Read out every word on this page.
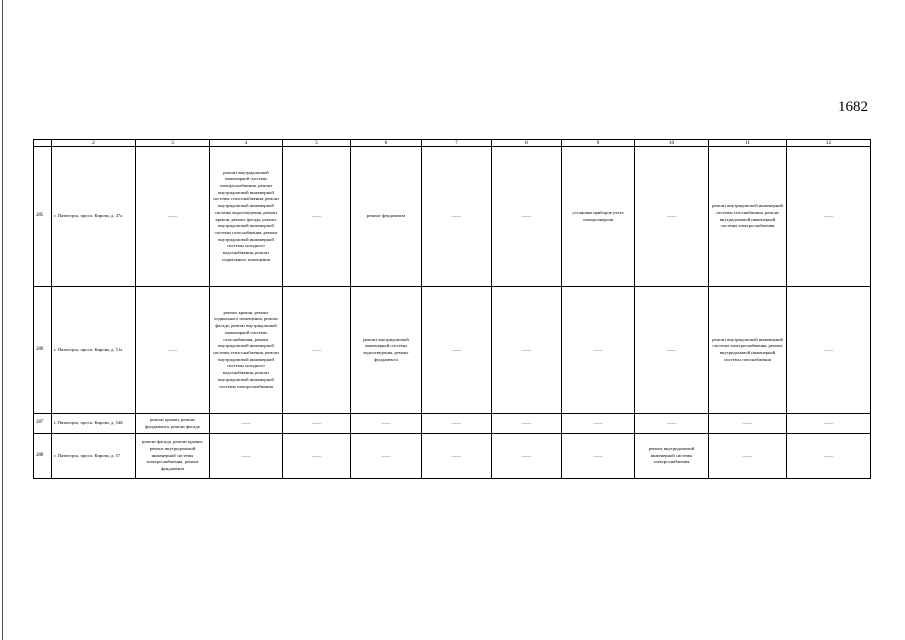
1682
	2	3	4	5	6	7	8	9	10	11	12
385	г. Пятигорск, просп. Кирова, д. 47а	——	ремонт внутридомовой инженерной системы электроснабжения, ремонт внутридомовой инженерной системы теплоснабжения, ремонт внутридомовой инженерной системы водоотведения, ремонт крыши, ремонт фасада, ремонт внутридомовой инженерной системы газоснабжения, ремонт внутридомовой инженерной системы холодного водоснабжения, ремонт подвального помещения	——	ремонт фундамента	——	——	установка приборов учета электроэнергии	——	ремонт внутридомовой инженерной системы газоснабжения, ремонт внутридомовой инженерной системы электроснабжения	——
386	г. Пятигорск, просп. Кирова, д. 51а	——	ремонт крыши, ремонт подвального помещения, ремонт фасада, ремонт внутридомовой инженерной системы газоснабжения, ремонт внутридомовой инженерной системы теплоснабжения, ремонт внутридомовой инженерной системы холодного водоснабжения, ремонт внутридомовой инженерной системы электроснабжения	——	ремонт внутридомовой инженерной системы водоотведения, ремонт фундамента	——	——	——	——	ремонт внутридомовой инженерной системы электроснабжения, ремонт внутридомовой инженерной системы газоснабжения	——
387	г. Пятигорск, просп. Кирова, д. 54Б	ремонт крыши, ремонт фундамента, ремонт фасада	——	——	——	——	——	——	——	——	——
388	г. Пятигорск, просп. Кирова, д. 57	ремонт фасада, ремонт крыши, ремонт внутридомовой инженерной системы электроснабжения, ремонт фундамента	——	——	——	——	——	——	ремонт внутридомовой инженерной системы электроснабжения	——	——
